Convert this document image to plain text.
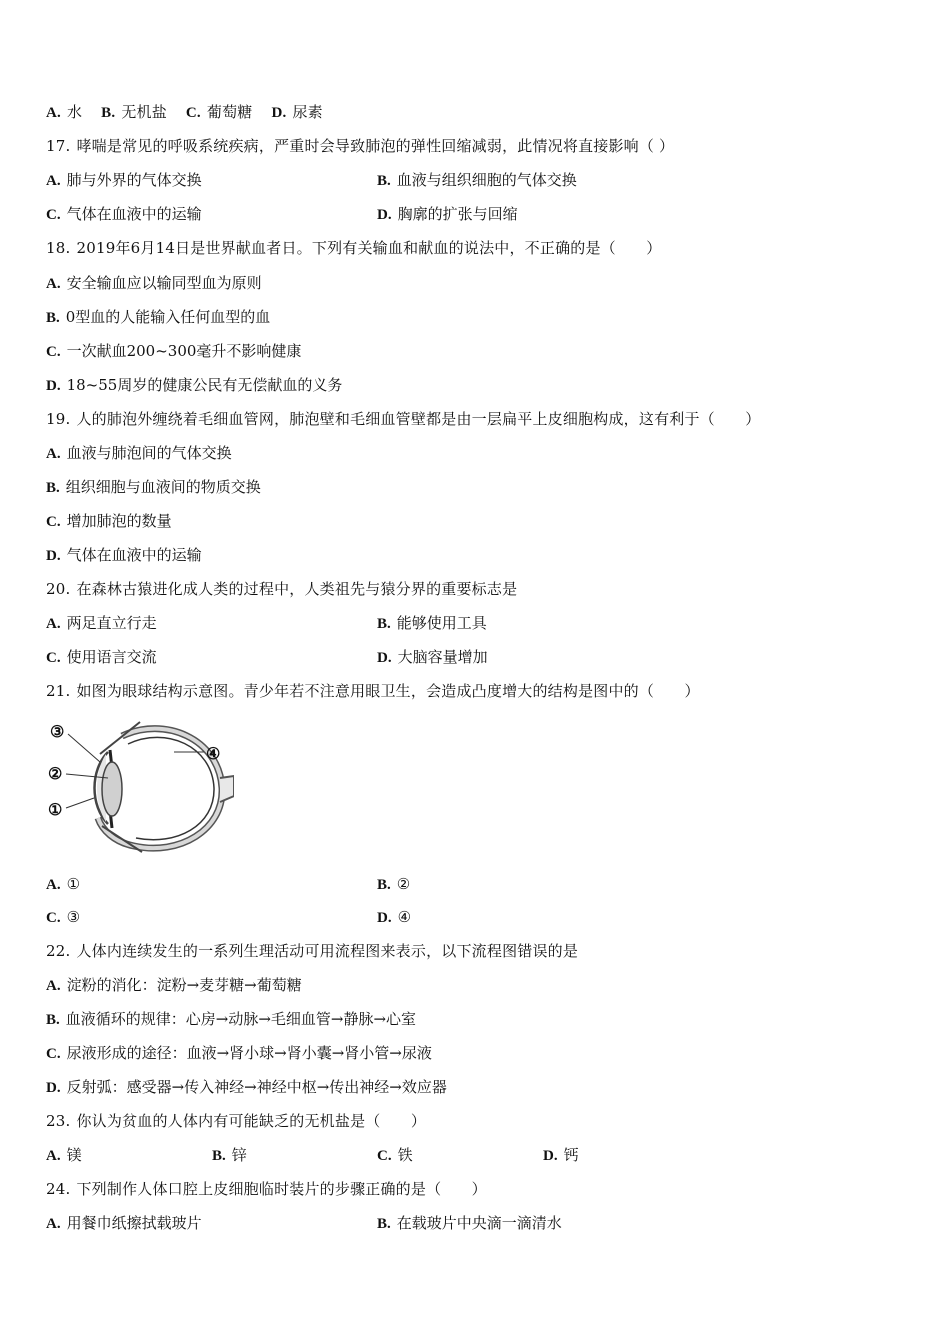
A. 水 B. 无机盐 C. 葡萄糖 D. 尿素
17. 哮喘是常见的呼吸系统疾病，严重时会导致肺泡的弹性回缩减弱，此情况将直接影响（ ）
A. 肺与外界的气体交换	B. 血液与组织细胞的气体交换
C. 气体在血液中的运输	D. 胸廓的扩张与回缩
18. 2019年6月14日是世界献血者日。下列有关输血和献血的说法中，不正确的是（　　）
A. 安全输血应以输同型血为原则
B. 0型血的人能输入任何血型的血
C. 一次献血200~300毫升不影响健康
D. 18~55周岁的健康公民有无偿献血的义务
19. 人的肺泡外缠绕着毛细血管网，肺泡壁和毛细血管壁都是由一层扁平上皮细胞构成，这有利于（　　）
A. 血液与肺泡间的气体交换
B. 组织细胞与血液间的物质交换
C. 增加肺泡的数量
D. 气体在血液中的运输
20. 在森林古猿进化成人类的过程中，人类祖先与猿分界的重要标志是
A. 两足直立行走	B. 能够使用工具
C. 使用语言交流	D. 大脑容量增加
21. 如图为眼球结构示意图。青少年若不注意用眼卫生，会造成凸度增大的结构是图中的（　　）
③
②
①
④
A. ①	B. ②
C. ③	D. ④
22. 人体内连续发生的一系列生理活动可用流程图来表示，以下流程图错误的是
A. 淀粉的消化：淀粉→麦芽糖→葡萄糖
B. 血液循环的规律：心房→动脉→毛细血管→静脉→心室
C. 尿液形成的途径：血液→肾小球→肾小囊→肾小管→尿液
D. 反射弧：感受器→传入神经→神经中枢→传出神经→效应器
23. 你认为贫血的人体内有可能缺乏的无机盐是（　　）
A. 镁	B. 锌	C. 铁	D. 钙
24. 下列制作人体口腔上皮细胞临时装片的步骤正确的是（　　）
A. 用餐巾纸擦拭载玻片	B. 在载玻片中央滴一滴清水
